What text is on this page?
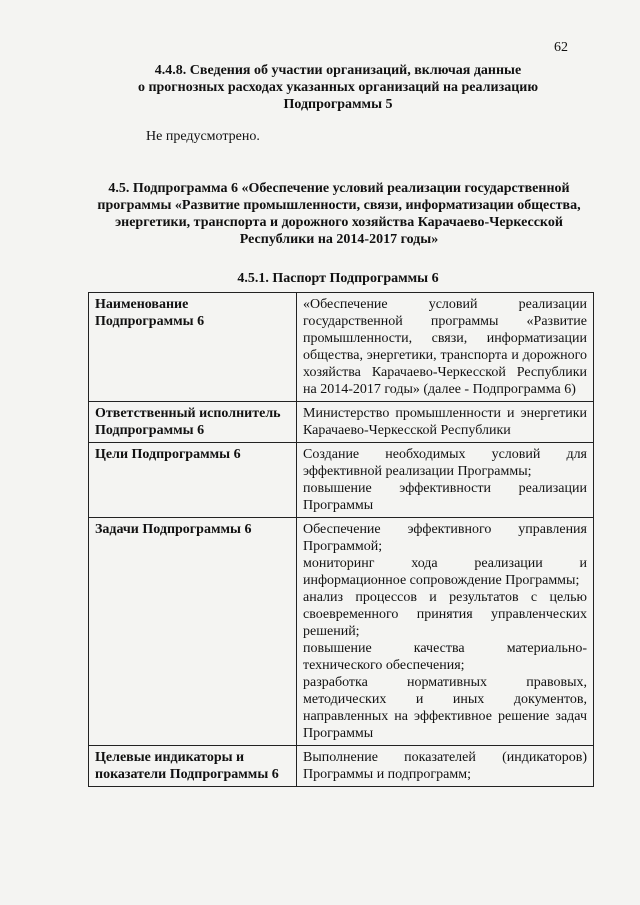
62
4.4.8. Сведения об участии организаций, включая данные
о прогнозных расходах указанных организаций на реализацию
Подпрограммы 5
Не предусмотрено.
4.5. Подпрограмма 6 «Обеспечение условий реализации государственной программы «Развитие промышленности, связи, информатизации общества, энергетики, транспорта и дорожного хозяйства Карачаево-Черкесской Республики на 2014-2017 годы»
4.5.1. Паспорт Подпрограммы 6
Наименование Подпрограммы 6	«Обеспечение условий реализации государственной программы «Развитие промышленности, связи, информатизации общества, энергетики, транспорта и дорожного хозяйства Карачаево-Черкесской Республики на 2014-2017 годы» (далее - Подпрограмма 6)

Ответственный исполнитель Подпрограммы 6	Министерство промышленности и энергетики Карачаево-Черкесской Республики

Цели Подпрограммы 6	Создание необходимых условий для эффективной реализации Программы;
повышение эффективности реализации Программы

Задачи Подпрограммы 6	Обеспечение эффективного управления Программой;
мониторинг хода реализации и информационное сопровождение Программы;
анализ процессов и результатов с целью своевременного принятия управленческих решений;
повышение качества материально-технического обеспечения;
разработка нормативных правовых, методических и иных документов, направленных на эффективное решение задач Программы

Целевые индикаторы и показатели Подпрограммы 6	Выполнение показателей (индикаторов) Программы и подпрограмм;
